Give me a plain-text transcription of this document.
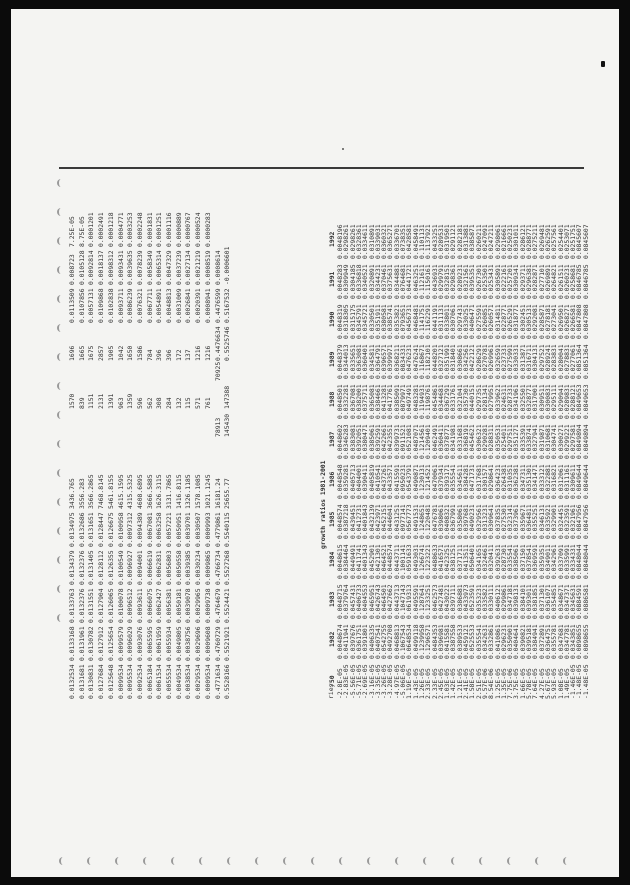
0.0132534
0.0133168
0.0133763
0.0134379
0.0134975
3436.765
1570
1696
0.0113509
0.008723
7.25E-05
0.0131681
0.0131961
0.0132376
0.0132376
0.0132686
3556.283
839
1665
0.0107856
0.0105128
8.75E-05
0.0130831
0.0130782
0.0131551
0.0131405
0.0131651
3566.2865
1151
1675
0.0057131
0.0092814
0.0001201
0.0127684
0.0127912
0.0127904
0.0128112
0.0128447
7468.8145
2131
2857
0.0109868
0.0018137
0.0002491
0.0125648
0.0125654
0.0126065
0.0126355
0.0126675
5461.8155
1391
1905
0.0102838
0.0098312
0.0001218
0.0099534
0.0099579
0.0100078
0.0100549
0.0100958
4615.1595
963
1042
0.0093711
0.0093431
0.0004771
0.0095534
0.0096029
0.0096512
0.0096927
0.0097312
4315.5325
1359
1650
0.0086239
0.0039635
0.0003253
0.0092534
0.0093076
0.0093611
0.0094001
0.0094389
4608.6895
596
1586
0.0076321
0.0078239
0.0002248
0.0065184
0.0065595
0.0066075
0.0066619
0.0067081
3666.5885
562
784
0.0067711
0.0058349
0.0001831
0.0061534
0.0061959
0.0062427
0.0062831
0.0063258
1626.3115
308
396
0.0054891
0.0065314
0.0001251
0.0055534
0.0055934
0.0056381
0.0056803
0.0057221
3131.7865
284
396
0.0048813
0.0047329
0.0001116
0.0049534
0.0049805
0.0050181
0.0050558
0.0050951
1416.8115
132
172
0.0031009
0.0037239
0.0000889
0.0038534
0.0038756
0.0039078
0.0039385
0.0039701
1326.1185
115
137
0.0026841
0.0027134
0.0000767
0.0029534
0.0029696
0.0029965
0.0030234
0.0030507
1578.1085
571
1216
0.0020391
0.0021219
0.0000524
0.0009534
0.0009608
0.0009738
0.0009865
0.0009993
1021.1245
761
1216
0.0008941
0.0008519
0.0000283
0.4771634
0.4760729
0.4764679
0.4766734
0.4779861
16181.24
78913
70925
0.4476634
0.4476599
0.0008614
0.5528166
0.5521921
0.5524421
0.5527268
0.5540115
25655.77
145430
147388
0.5525746
0.5167532
-0.0006601

growth ratios 1981-2001

ries

/50
1982
1983
1984
1985
1986
1987
1988
1989
1990
1991
1992
-2.8E-05
0.0048674
0.0048715
0.0048615
0.0048574
0.0048548
0.0048602
0.0048501
0.0048379
0.0048319
0.0048283
0.0048196
-2.83E-05
0.0411941
0.0379764
0.0384464
0.0387218
0.0359281
0.0346283
0.0332281
0.0344013
0.0318305
0.0309949
0.0298261
-5.56E-05
0.0397676
0.0457431
0.0449491
0.0439451
0.0405713
0.0383081
0.0367081
0.0335651
0.0315175
0.0304185
0.0298261
-5.71E-05
0.0361751
0.0406733
0.0411741
0.0412731
0.0404001
0.0392051
0.0382001
0.0363081
0.0345791
0.0336818
0.0328361
-2.69E-05
0.0391801
0.0404553
0.0401343
0.0401843
0.0390411
0.0380471
0.0375711
0.0360401
0.0345721
0.0340521
0.0334611
-3.16E-05
0.0406335
0.0465951
0.0452901
0.0432139
0.0405819
0.0385061
0.0365081
0.0345811
0.0330501
0.0320891
0.0310891
-3.35E-05
0.0407541
0.0426743
0.0421301
0.0423971
0.0410541
0.0392591
0.0384661
0.0364791
0.0351911
0.0344231
0.0339031
-3.26E-05
0.0542755
0.0464501
0.0464521
0.0452151
0.0437261
0.0422661
0.0413281
0.0396571
0.0380581
0.0370461
0.0360321
-3.28E-05
0.0492708
0.0427662
0.0448574
0.0446041
0.0433571
0.0423551
0.0417761
0.0399971
0.0385741
0.0375631
0.0365271
-4.97E-05
0.0468813
0.0443713
0.0443711
0.0431251
0.0415591
0.0399731
0.0385091
0.0368211
0.0353821
0.0344881
0.0336701
-5.06E-05
0.1067543
0.1047143
0.1001141
0.0977141
0.0950231
0.0911521
0.0879971
0.0834331
0.0793651
0.0764681
0.0738351
1.19E-05
0.0648534
0.0619313
0.0591633
0.0567773
0.0543791
0.0521081
0.0497491
0.0476231
0.0456731
0.0441721
0.0428581
1.43E-05
0.0499118
0.0495591
0.0493031
0.0491531
0.0490871
0.0487071
0.0483281
0.0476241
0.0468481
0.0463251
0.0458491
1.26E-05
0.1239958
0.1287641
0.1266741
0.1248651
0.1230131
0.1214561
0.1194931
0.1168671
0.1141751
0.1121611
0.1101131
2.33E-05
0.1296571
0.1233251
0.1223221
0.1220481
0.1214521
0.1209401
0.1198761
0.1182101
0.1162291
0.1150161
0.1137921
2.33E-05
0.0484353
0.0462573
0.0488633
0.0476781
0.0470061
0.0462491
0.0454861
0.0448201
0.0441191
0.0436931
0.0433251
2.45E-05
0.0396981
0.0427481
0.0416571
0.0398061
0.0379341
0.0360411
0.0344681
0.0327121
0.0311131
0.0299791
0.0289531
1.03E-05
0.0415581
0.0430221
0.0423251
0.0408321
0.0393171
0.0378771
0.0367291
0.0351991
0.0338011
0.0328151
0.0319501
1.42E-05
0.0387558
0.0397111
0.0381251
0.0367991
0.0355541
0.0341981
0.0331761
0.0318401
0.0307061
0.0298361
0.0291121
1.21E-05
0.0389533
0.0386881
0.0371711
0.0358061
0.0345611
0.0331681
0.0321041
0.0308661
0.0297431
0.0289231
0.0282181
2.41E-05
0.0459121
0.0433973
0.0413511
0.0397681
0.0384281
0.0368191
0.0357301
0.0342561
0.0330251
0.0321561
0.0313881
1.58E-05
0.0525533
0.0523591
0.0506401
0.0490231
0.0471731
0.0454621
0.0440151
0.0422121
0.0406471
0.0395351
0.0385871
2.51E-05
0.0355541
0.0353231
0.0341651
0.0329561
0.0317681
0.0306321
0.0297351
0.0286291
0.0275591
0.0267301
0.0260211
9.57E-06
0.0342631
0.0335821
0.0324661
0.0313231
0.0301571
0.0290281
0.0281341
0.0270781
0.0260851
0.0253501
0.0247091
8.54E-06
0.0332861
0.0330111
0.0320411
0.0309641
0.0298641
0.0288311
0.0279951
0.0269961
0.0260571
0.0253431
0.0247211
1.25E-05
0.0410861
0.0406121
0.0392631
0.0378351
0.0364231
0.0350531
0.0339621
0.0326591
0.0314811
0.0305891
0.0298061
1.35E-05
0.0296231
0.0299861
0.0287301
0.0275301
0.0264381
0.0254011
0.0246311
0.0237331
0.0228771
0.0222161
0.0216661
7.75E-06
0.0350901
0.0347181
0.0335541
0.0323141
0.0310351
0.0297511
0.0287331
0.0275991
0.0265291
0.0257201
0.0250231
3.75E-05
0.0404641
0.0398131
0.0385061
0.0373961
0.0362381
0.0351271
0.0341961
0.0330331
0.0318771
0.0309341
0.0301011
1.66E-05
0.0390821
0.0384101
0.0371501
0.0359671
0.0347311
0.0335391
0.0325501
0.0313871
0.0302451
0.0293711
0.0286121
5.78E-05
0.0395181
0.0393011
0.0378541
0.0364811
0.0351301
0.0338741
0.0328771
0.0316711
0.0305131
0.0296381
0.0288771
7.64E-05
0.0384941
0.0381851
0.0369591
0.0355251
0.0341471
0.0327941
0.0317001
0.0304131
0.0292081
0.0282871
0.0275211
4.27E-05
0.0372891
0.0371301
0.0359351
0.0346131
0.0333121
0.0319871
0.0309511
0.0297521
0.0285871
0.0277101
0.0269481
5.67E-05
0.0364751
0.0361071
0.0349011
0.0335921
0.0322881
0.0310681
0.0300831
0.0289241
0.0278181
0.0269891
0.0262591
5.93E-05
0.0355781
0.0354851
0.0342961
0.0329901
0.0316821
0.0304741
0.0295111
0.0283831
0.0273041
0.0264821
0.0257561
1.08E-05
0.0347681
0.0348671
0.0337091
0.0324451
0.0312061
0.0300271
0.0290941
0.0280041
0.0269501
0.0261511
0.0254401
1.49E-05
0.0347781
0.0347371
0.0335991
0.0323591
0.0311161
0.0299221
0.0289831
0.0278831
0.0268271
0.0260231
0.0253071
-1.46E-05
0.0343851
0.0345631
0.0334331
0.0321961
0.0309611
0.0297581
0.0288121
0.0277061
0.0266581
0.0258681
0.0251751
-1.48E-05
0.0898655
0.0884591
0.0848044
0.0847956
0.0849644
0.0849894
0.0849653
0.0851364
0.0847808
0.0846785
0.0845607
-1.48E-05
0.0898655
0.0886581
0.0848044
0.0847956
0.0849644
0.0849894
0.0849653
0.0851364
0.0847808
0.0846785
0.0845607
